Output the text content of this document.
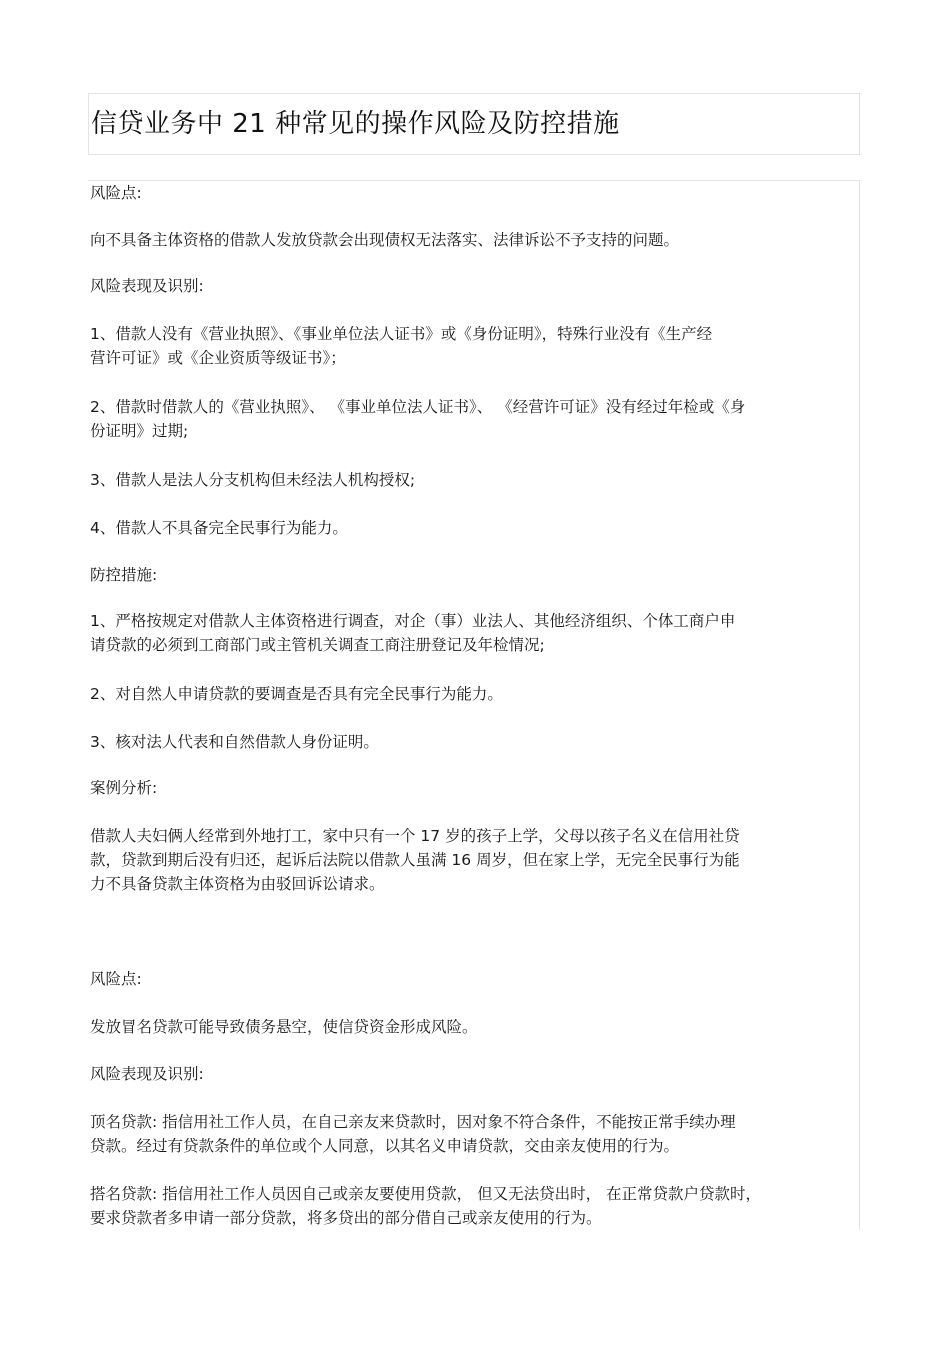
信贷业务中 21 种常见的操作风险及防控措施
风险点:
向不具备主体资格的借款人发放贷款会出现债权无法落实、法律诉讼不予支持的问题。
风险表现及识别:
1、借款人没有《营业执照》、《事业单位法人证书》或《身份证明》，特殊行业没有《生产经
营许可证》或《企业资质等级证书》；
2、借款时借款人的《营业执照》、 《事业单位法人证书》、 《经营许可证》没有经过年检或《身
份证明》过期;
3、借款人是法人分支机构但未经法人机构授权;
4、借款人不具备完全民事行为能力。
防控措施:
1、严格按规定对借款人主体资格进行调查，对企（事）业法人、其他经济组织、个体工商户申
请贷款的必须到工商部门或主管机关调查工商注册登记及年检情况;
2、对自然人申请贷款的要调查是否具有完全民事行为能力。
3、核对法人代表和自然借款人身份证明。
案例分析:
借款人夫妇俩人经常到外地打工，家中只有一个 17 岁的孩子上学，父母以孩子名义在信用社贷
款，贷款到期后没有归还，起诉后法院以借款人虽满 16 周岁，但在家上学，无完全民事行为能
力不具备贷款主体资格为由驳回诉讼请求。
风险点:
发放冒名贷款可能导致债务悬空，使信贷资金形成风险。
风险表现及识别:
顶名贷款: 指信用社工作人员，在自己亲友来贷款时，因对象不符合条件，不能按正常手续办理
贷款。经过有贷款条件的单位或个人同意，以其名义申请贷款，交由亲友使用的行为。
搭名贷款: 指信用社工作人员因自己或亲友要使用贷款， 但又无法贷出时， 在正常贷款户贷款时，
要求贷款者多申请一部分贷款，将多贷出的部分借自己或亲友使用的行为。
